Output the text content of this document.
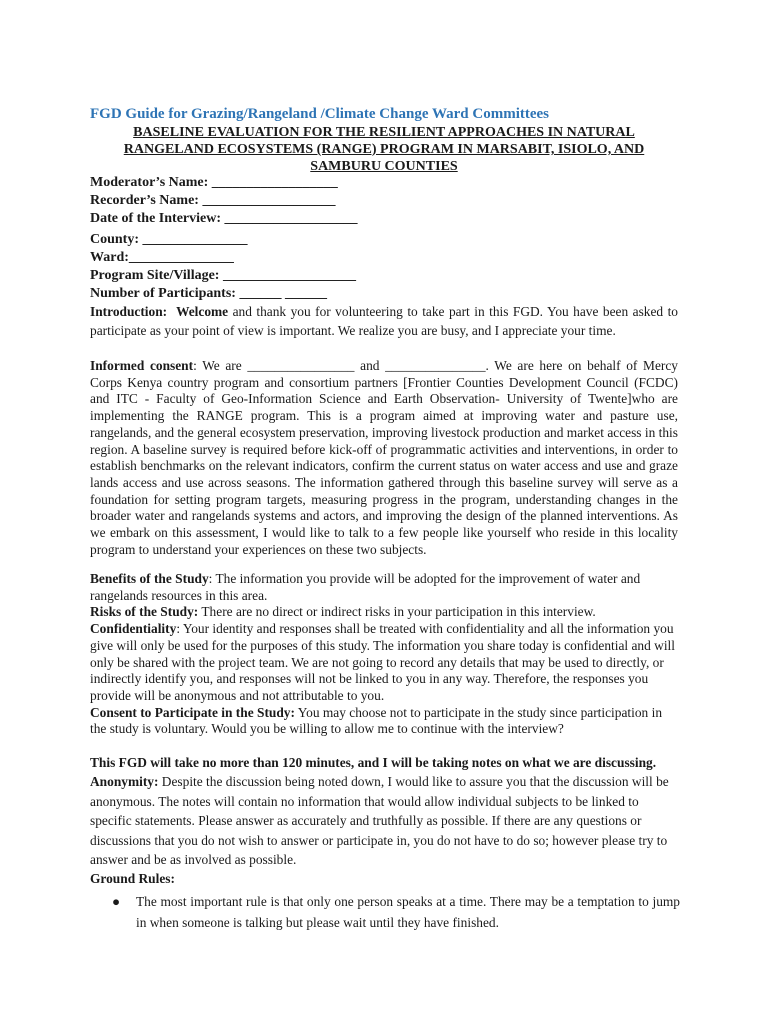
FGD Guide for Grazing/Rangeland /Climate Change Ward Committees
BASELINE EVALUATION FOR THE RESILIENT APPROACHES IN NATURAL RANGELAND ECOSYSTEMS (RANGE) PROGRAM IN MARSABIT, ISIOLO, AND SAMBURU COUNTIES
Moderator’s Name: __________________
Recorder’s Name: ___________________
Date of the Interview: ___________________
County: _______________
Ward:_______________
Program Site/Village: ___________________
Number of Participants: ______ ______

Introduction: Welcome and thank you for volunteering to take part in this FGD. You have been asked to participate as your point of view is important. We realize you are busy, and I appreciate your time.

Informed consent: We are ________________ and _______________. We are here on behalf of Mercy Corps Kenya country program and consortium partners [Frontier Counties Development Council (FCDC) and ITC - Faculty of Geo-Information Science and Earth Observation- University of Twente]who are implementing the RANGE program. This is a program aimed at improving water and pasture use, rangelands, and the general ecosystem preservation, improving livestock production and market access in this region. A baseline survey is required before kick-off of programmatic activities and interventions, in order to establish benchmarks on the relevant indicators, confirm the current status on water access and use and graze lands access and use across seasons. The information gathered through this baseline survey will serve as a foundation for setting program targets, measuring progress in the program, understanding changes in the broader water and rangelands systems and actors, and improving the design of the planned interventions. As we embark on this assessment, I would like to talk to a few people like yourself who reside in this locality program to understand your experiences on these two subjects.

Benefits of the Study: The information you provide will be adopted for the improvement of water and rangelands resources in this area.
Risks of the Study: There are no direct or indirect risks in your participation in this interview.
Confidentiality: Your identity and responses shall be treated with confidentiality and all the information you give will only be used for the purposes of this study. The information you share today is confidential and will only be shared with the project team. We are not going to record any details that may be used to directly, or indirectly identify you, and responses will not be linked to you in any way. Therefore, the responses you provide will be anonymous and not attributable to you.
Consent to Participate in the Study: You may choose not to participate in the study since participation in the study is voluntary. Would you be willing to allow me to continue with the interview?
This FGD will take no more than 120 minutes, and I will be taking notes on what we are discussing.
Anonymity: Despite the discussion being noted down, I would like to assure you that the discussion will be anonymous. The notes will contain no information that would allow individual subjects to be linked to specific statements. Please answer as accurately and truthfully as possible. If there are any questions or discussions that you do not wish to answer or participate in, you do not have to do so; however please try to answer and be as involved as possible.
Ground Rules:
● The most important rule is that only one person speaks at a time. There may be a temptation to jump in when someone is talking but please wait until they have finished.
